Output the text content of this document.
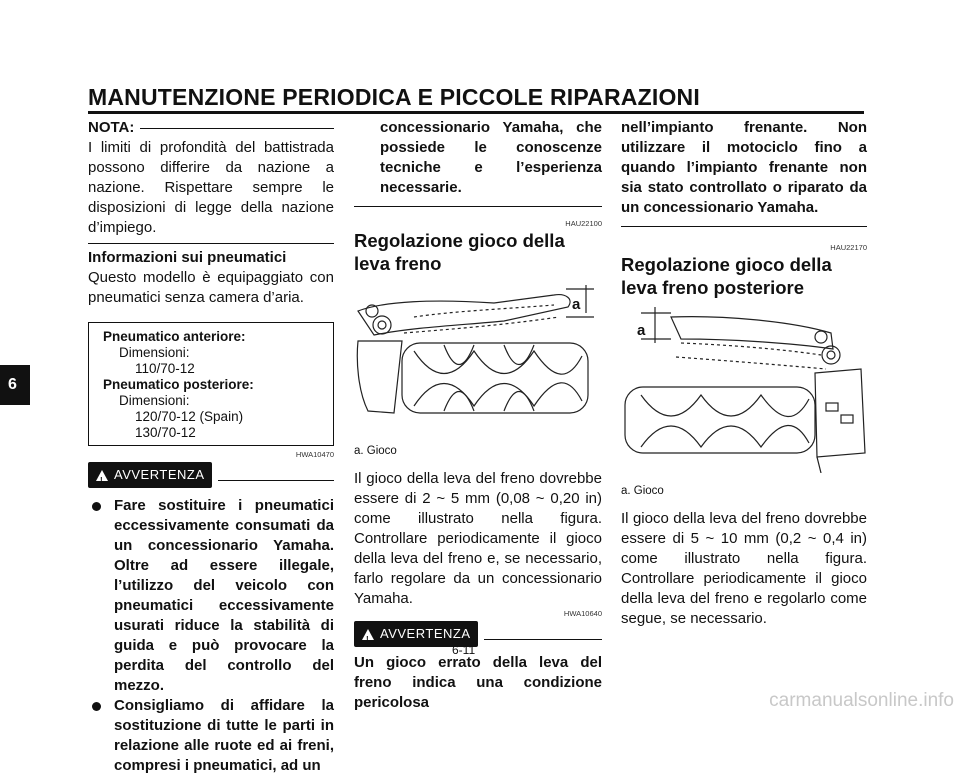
MANUTENZIONE PERIODICA E PICCOLE RIPARAZIONI
6
NOTA:
I limiti di profondità del battistrada possono differire da nazione a nazione. Rispettare sempre le disposizioni di legge della nazione d’impiego.
Informazioni sui pneumatici
Questo modello è equipaggiato con pneumatici senza camera d’aria.
Pneumatico anteriore:
Dimensioni:
110/70-12
Pneumatico posteriore:
Dimensioni:
120/70-12 (Spain)
130/70-12
HWA10470
!
AVVERTENZA
Fare sostituire i pneumatici eccessivamente consumati da un concessionario Yamaha. Oltre ad essere illegale, l’utilizzo del veicolo con pneumatici eccessivamente usurati riduce la stabilità di guida e può provocare la perdita del controllo del mezzo.
Consigliamo di affidare la sostituzione di tutte le parti in relazione alle ruote ed ai freni, compresi i pneumatici, ad un
concessionario Yamaha, che possiede le conoscenze tecniche e l’esperienza necessarie.
HAU22100
Regolazione gioco della leva freno
a
a. Gioco
Il gioco della leva del freno dovrebbe essere di 2 ~ 5 mm (0,08 ~ 0,20 in) come illustrato nella figura. Controllare periodicamente il gioco della leva del freno e, se necessario, farlo regolare da un concessionario Yamaha.
HWA10640
!
AVVERTENZA
Un gioco errato della leva del freno indica una condizione pericolosa
nell’impianto frenante. Non utilizzare il motociclo fino a quando l’impianto frenante non sia stato controllato o riparato da un concessionario Yamaha.
HAU22170
Regolazione gioco della leva freno posteriore
a
a. Gioco
Il gioco della leva del freno dovrebbe essere di 5 ~ 10 mm (0,2 ~ 0,4 in) come illustrato nella figura. Controllare periodicamente il gioco della leva del freno e regolarlo come segue, se necessario.
6-11
carmanualsonline.info
